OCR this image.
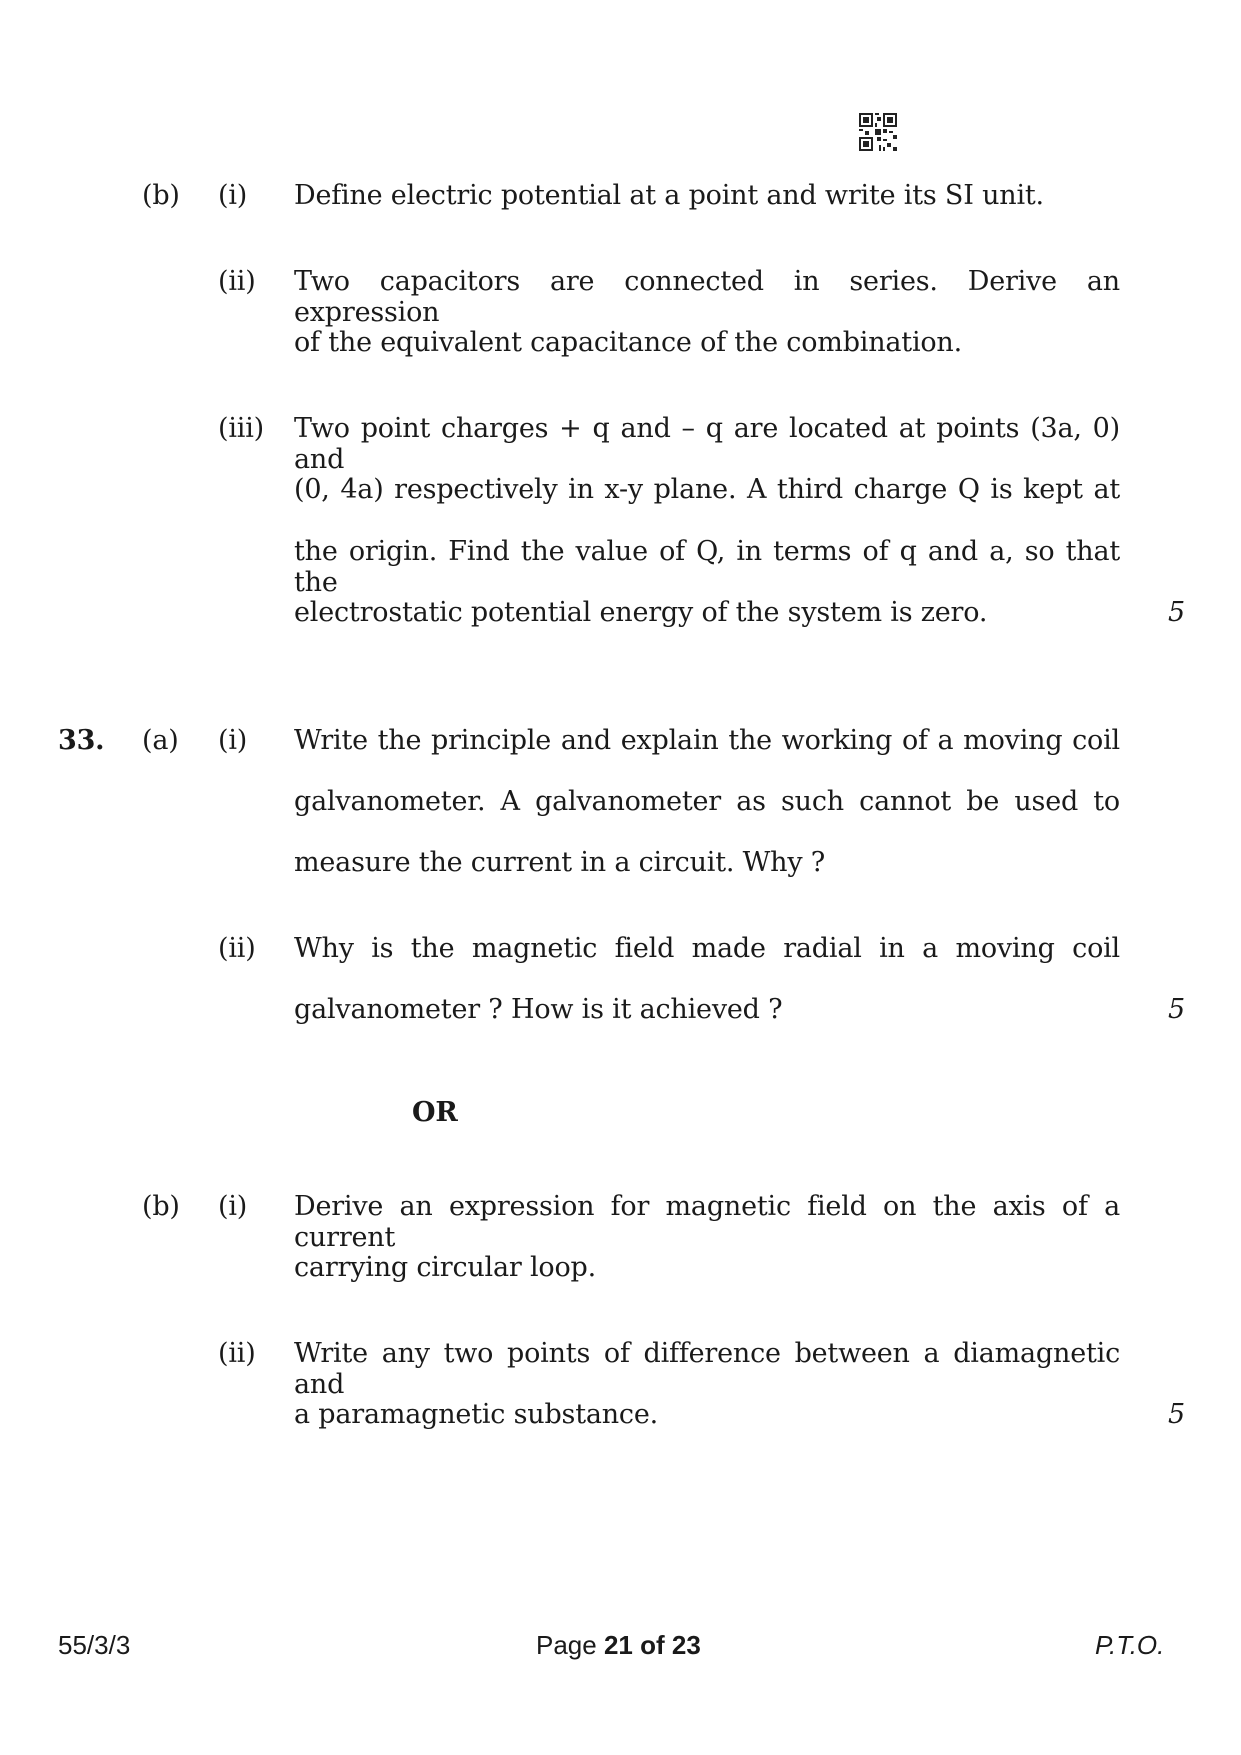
(b) (i) Define electric potential at a point and write its SI unit.
(ii) Two capacitors are connected in series. Derive an expression
of the equivalent capacitance of the combination.
(iii) Two point charges + q and – q are located at points (3a, 0) and
(0, 4a) respectively in x-y plane. A third charge Q is kept at
the origin. Find the value of Q, in terms of q and a, so that the
electrostatic potential energy of the system is zero.	5
33. (a) (i) Write the principle and explain the working of a moving coil
galvanometer. A galvanometer as such cannot be used to
measure the current in a circuit. Why ?
(ii) Why is the magnetic field made radial in a moving coil
galvanometer ? How is it achieved ?	5
OR
(b) (i) Derive an expression for magnetic field on the axis of a current
carrying circular loop.
(ii) Write any two points of difference between a diamagnetic and
a paramagnetic substance.	5
55/3/3	Page 21 of 23	P.T.O.
